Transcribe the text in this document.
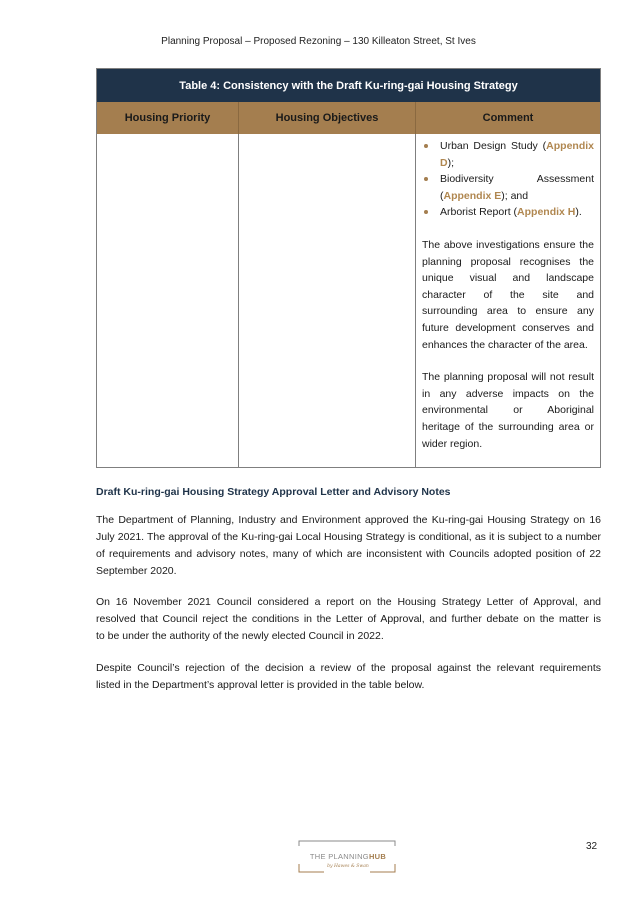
Planning Proposal – Proposed Rezoning – 130 Killeaton Street, St Ives
Table 4: Consistency with the Draft Ku-ring-gai Housing Strategy
Housing Priority	Housing Objectives	Comment
Urban Design Study (Appendix
D);
Biodiversity Assessment
(Appendix E); and
Arborist Report (Appendix H).
The above investigations ensure the
planning proposal recognises the
unique visual and landscape
character of the site and
surrounding area to ensure any
future development conserves and
enhances the character of the area.
The planning proposal will not result
in any adverse impacts on the
environmental or Aboriginal
heritage of the surrounding area or
wider region.
Draft Ku-ring-gai Housing Strategy Approval Letter and Advisory Notes
The Department of Planning, Industry and Environment approved the Ku-ring-gai Housing Strategy on 16
July 2021. The approval of the Ku-ring-gai Local Housing Strategy is conditional, as it is subject to a number
of requirements and advisory notes, many of which are inconsistent with Councils adopted position of 22
September 2020.
On 16 November 2021 Council considered a report on the Housing Strategy Letter of Approval, and
resolved that Council reject the conditions in the Letter of Approval, and further debate on the matter is
to be under the authority of the newly elected Council in 2022.
Despite Council’s rejection of the decision a review of the proposal against the relevant requirements
listed in the Department’s approval letter is provided in the table below.
THE PLANNINGHUB
by Hawes & Swan
32
